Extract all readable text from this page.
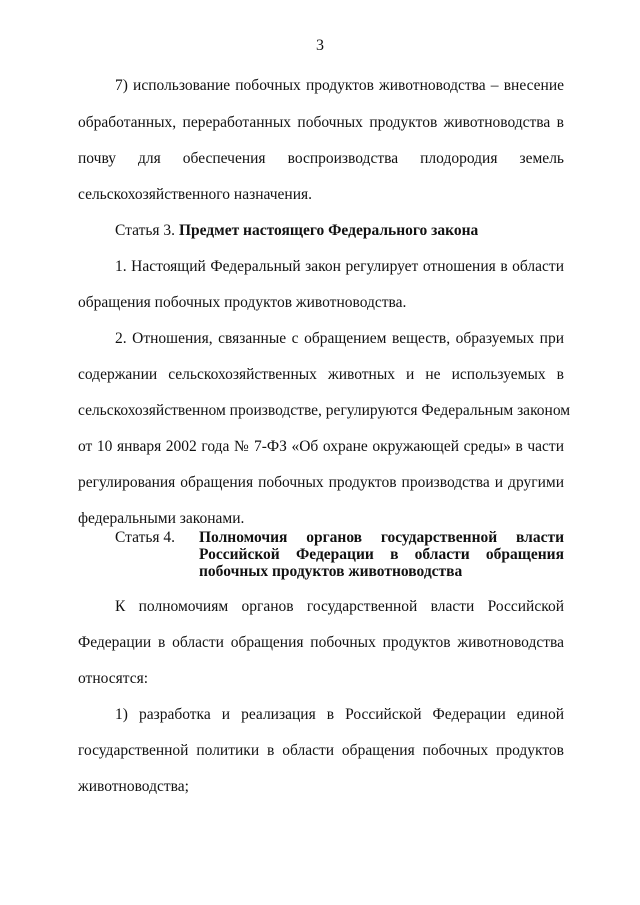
3
7) использование побочных продуктов животноводства – внесение
обработанных, переработанных побочных продуктов животноводства в
почву для обеспечения воспроизводства плодородия земель
сельскохозяйственного назначения.
Статья 3. Предмет настоящего Федерального закона
1. Настоящий Федеральный закон регулирует отношения в области
обращения побочных продуктов животноводства.
2. Отношения, связанные с обращением веществ, образуемых при
содержании сельскохозяйственных животных и не используемых в
сельскохозяйственном производстве, регулируются Федеральным законом
от 10 января 2002 года № 7-ФЗ «Об охране окружающей среды» в части
регулирования обращения побочных продуктов производства и другими
федеральными законами.
Статья 4. Полномочия органов государственной власти
Российской Федерации в области обращения
побочных продуктов животноводства
К полномочиям органов государственной власти Российской
Федерации в области обращения побочных продуктов животноводства
относятся:
1) разработка и реализация в Российской Федерации единой
государственной политики в области обращения побочных продуктов
животноводства;
